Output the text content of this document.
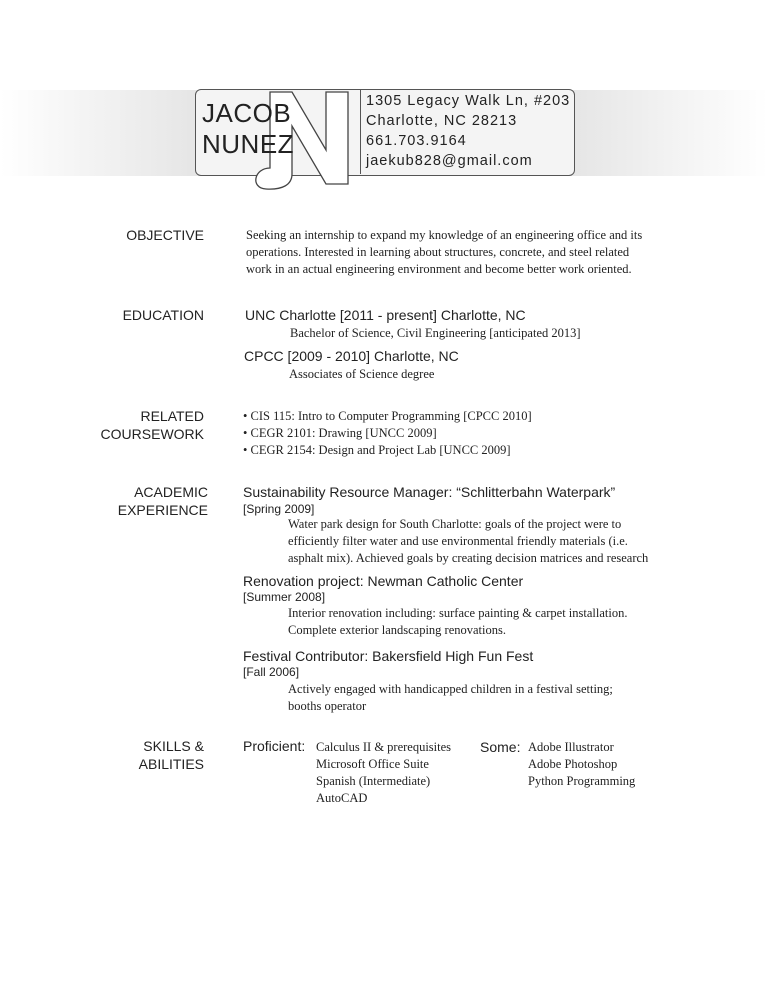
JACOB
NUNEZ
1305 Legacy Walk Ln, #203
Charlotte, NC 28213
661.703.9164
jaekub828@gmail.com
OBJECTIVE	Seeking an internship to expand my knowledge of an engineering office and its
operations. Interested in learning about structures, concrete, and steel related
work in an actual engineering environment and become better work oriented.
EDUCATION	UNC Charlotte [2011 - present] Charlotte, NC
Bachelor of Science, Civil Engineering [anticipated 2013]
CPCC [2009 - 2010] Charlotte, NC
Associates of Science degree
RELATED
COURSEWORK
• CIS 115: Intro to Computer Programming [CPCC 2010]
• CEGR 2101: Drawing [UNCC 2009]
• CEGR 2154: Design and Project Lab [UNCC 2009]
ACADEMIC
EXPERIENCE
Sustainability Resource Manager: “Schlitterbahn Waterpark”
[Spring 2009]
Water park design for South Charlotte: goals of the project were to
efficiently filter water and use environmental friendly materials (i.e.
asphalt mix). Achieved goals by creating decision matrices and research
Renovation project: Newman Catholic Center
[Summer 2008]
Interior renovation including: surface painting & carpet installation.
Complete exterior landscaping renovations.
Festival Contributor: Bakersfield High Fun Fest
[Fall 2006]
Actively engaged with handicapped children in a festival setting;
booths operator
SKILLS &
ABILITIES
Proficient: Calculus II & prerequisites
Microsoft Office Suite
Spanish (Intermediate)
AutoCAD
Some: Adobe Illustrator
Adobe Photoshop
Python Programming
